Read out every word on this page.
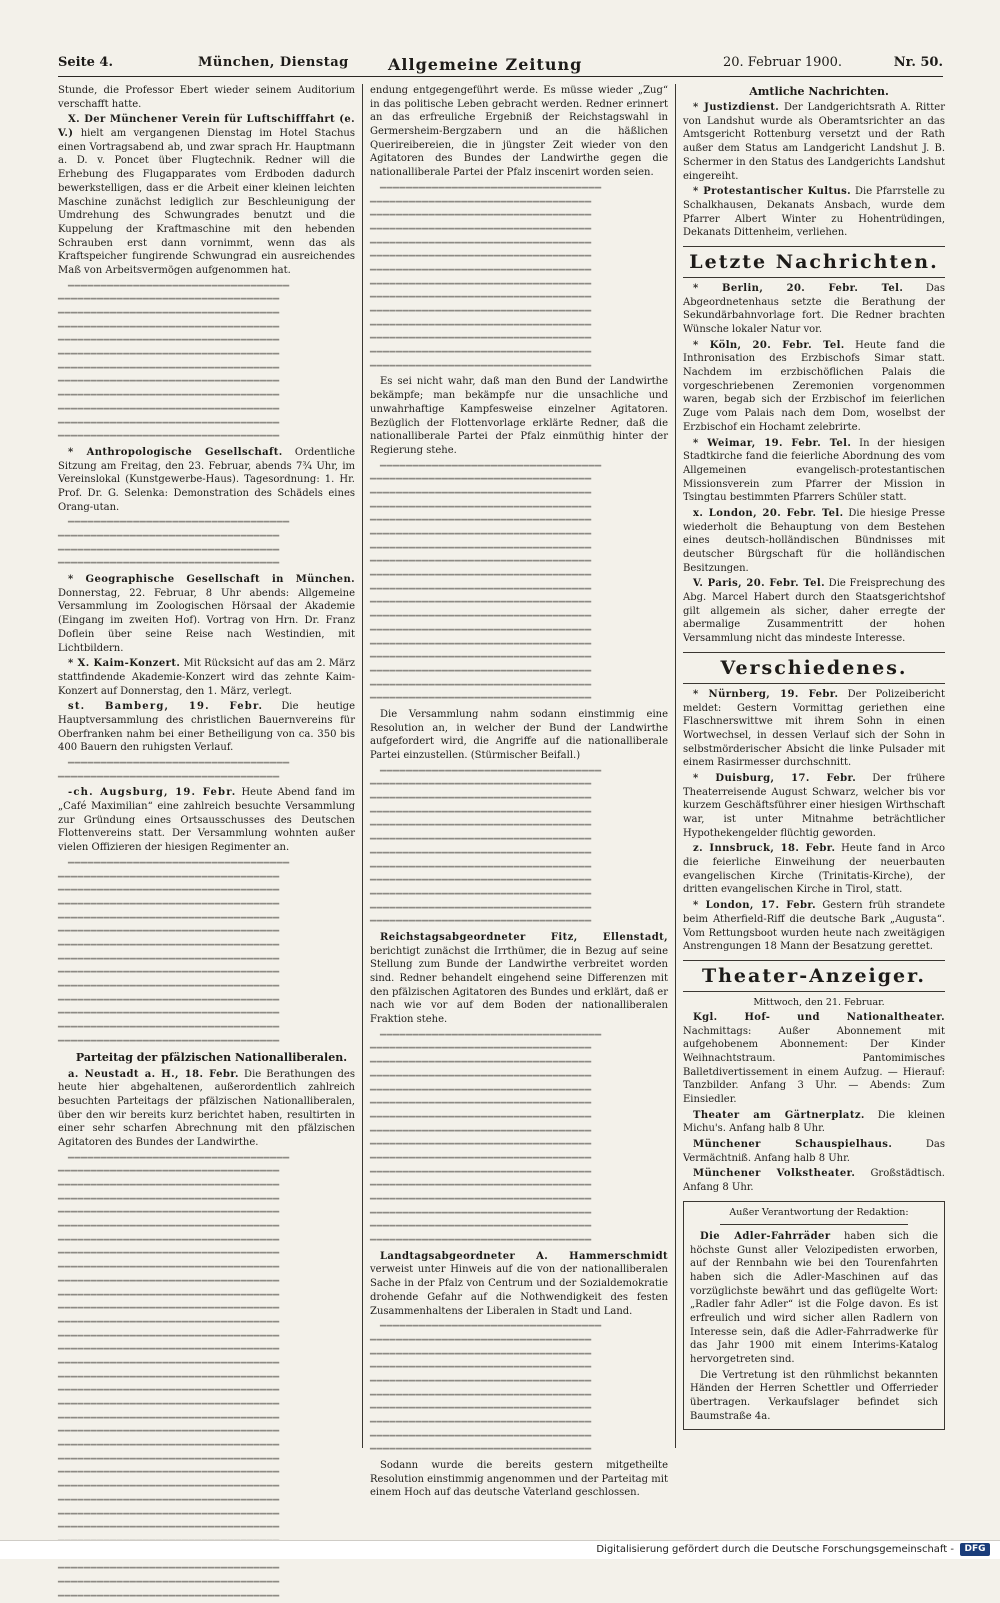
Seite 4.	München, Dienstag Allgemeine Zeitung	20. Februar 1900.	Nr. 50.

Stunde, die Professor Ebert wieder seinem Auditorium verschafft hatte.

X. Der Münchener Verein für Luftschifffahrt (e. V.) hielt am vergangenen Dienstag im Hotel Stachus einen Vortragsabend ab, und zwar sprach Hr. Hauptmann a. D. v. Poncet über Flugtechnik. Redner will die Erhebung des Flugapparates vom Erdboden dadurch bewerkstelligen, dass er die Arbeit einer kleinen leichten Maschine zunächst lediglich zur Beschleunigung der Umdrehung des Schwungrades benutzt und die Kuppelung der Kraftmaschine mit den hebenden Schrauben erst dann vornimmt, wenn das als Kraftspeicher fungirende Schwungrad ein ausreichendes Maß von Arbeitsvermögen aufgenommen hat.

━━━━━━━━━━━━━━━━━━━━━━━━━━━━━━━━━━ ━━━━━━━━━━━━━━━━━━━━━━━━━━━━━━━━━━ ━━━━━━━━━━━━━━━━━━━━━━━━━━━━━━━━━━ ━━━━━━━━━━━━━━━━━━━━━━━━━━━━━━━━━━ ━━━━━━━━━━━━━━━━━━━━━━━━━━━━━━━━━━ ━━━━━━━━━━━━━━━━━━━━━━━━━━━━━━━━━━ ━━━━━━━━━━━━━━━━━━━━━━━━━━━━━━━━━━ ━━━━━━━━━━━━━━━━━━━━━━━━━━━━━━━━━━ ━━━━━━━━━━━━━━━━━━━━━━━━━━━━━━━━━━ ━━━━━━━━━━━━━━━━━━━━━━━━━━━━━━━━━━ ━━━━━━━━━━━━━━━━━━━━━━━━━━━━━━━━━━ ━━━━━━━━━━━━━━━━━━━━━━━━━━━━━━━━━━

* Anthropologische Gesellschaft. Ordentliche Sitzung am Freitag, den 23. Februar, abends 7¾ Uhr, im Vereinslokal (Kunstgewerbe-Haus). Tagesordnung: 1. Hr. Prof. Dr. G. Selenka: Demonstration des Schädels eines Orang-utan.

━━━━━━━━━━━━━━━━━━━━━━━━━━━━━━━━━━ ━━━━━━━━━━━━━━━━━━━━━━━━━━━━━━━━━━ ━━━━━━━━━━━━━━━━━━━━━━━━━━━━━━━━━━ ━━━━━━━━━━━━━━━━━━━━━━━━━━━━━━━━━━

* Geographische Gesellschaft in München. Donnerstag, 22. Februar, 8 Uhr abends: Allgemeine Versammlung im Zoologischen Hörsaal der Akademie (Eingang im zweiten Hof). Vortrag von Hrn. Dr. Franz Doflein über seine Reise nach Westindien, mit Lichtbildern.

* X. Kaim-Konzert. Mit Rücksicht auf das am 2. März stattfindende Akademie-Konzert wird das zehnte Kaim-Konzert auf Donnerstag, den 1. März, verlegt.

st. Bamberg, 19. Febr. Die heutige Hauptversammlung des christlichen Bauernvereins für Oberfranken nahm bei einer Betheiligung von ca. 350 bis 400 Bauern den ruhigsten Verlauf.

━━━━━━━━━━━━━━━━━━━━━━━━━━━━━━━━━━ ━━━━━━━━━━━━━━━━━━━━━━━━━━━━━━━━━━

-ch. Augsburg, 19. Febr. Heute Abend fand im „Café Maximilian“ eine zahlreich besuchte Versammlung zur Gründung eines Ortsausschusses des Deutschen Flottenvereins statt. Der Versammlung wohnten außer vielen Offizieren der hiesigen Regimenter an.

━━━━━━━━━━━━━━━━━━━━━━━━━━━━━━━━━━ ━━━━━━━━━━━━━━━━━━━━━━━━━━━━━━━━━━ ━━━━━━━━━━━━━━━━━━━━━━━━━━━━━━━━━━ ━━━━━━━━━━━━━━━━━━━━━━━━━━━━━━━━━━ ━━━━━━━━━━━━━━━━━━━━━━━━━━━━━━━━━━ ━━━━━━━━━━━━━━━━━━━━━━━━━━━━━━━━━━ ━━━━━━━━━━━━━━━━━━━━━━━━━━━━━━━━━━ ━━━━━━━━━━━━━━━━━━━━━━━━━━━━━━━━━━ ━━━━━━━━━━━━━━━━━━━━━━━━━━━━━━━━━━ ━━━━━━━━━━━━━━━━━━━━━━━━━━━━━━━━━━ ━━━━━━━━━━━━━━━━━━━━━━━━━━━━━━━━━━ ━━━━━━━━━━━━━━━━━━━━━━━━━━━━━━━━━━ ━━━━━━━━━━━━━━━━━━━━━━━━━━━━━━━━━━ ━━━━━━━━━━━━━━━━━━━━━━━━━━━━━━━━━━

Parteitag der pfälzischen Nationalliberalen.

a. Neustadt a. H., 18. Febr. Die Berathungen des heute hier abgehaltenen, außerordentlich zahlreich besuchten Parteitags der pfälzischen Nationalliberalen, über den wir bereits kurz berichtet haben, resultirten in einer sehr scharfen Abrechnung mit den pfälzischen Agitatoren des Bundes der Landwirthe.

━━━━━━━━━━━━━━━━━━━━━━━━━━━━━━━━━━ ━━━━━━━━━━━━━━━━━━━━━━━━━━━━━━━━━━ ━━━━━━━━━━━━━━━━━━━━━━━━━━━━━━━━━━ ━━━━━━━━━━━━━━━━━━━━━━━━━━━━━━━━━━ ━━━━━━━━━━━━━━━━━━━━━━━━━━━━━━━━━━ ━━━━━━━━━━━━━━━━━━━━━━━━━━━━━━━━━━ ━━━━━━━━━━━━━━━━━━━━━━━━━━━━━━━━━━ ━━━━━━━━━━━━━━━━━━━━━━━━━━━━━━━━━━ ━━━━━━━━━━━━━━━━━━━━━━━━━━━━━━━━━━ ━━━━━━━━━━━━━━━━━━━━━━━━━━━━━━━━━━ ━━━━━━━━━━━━━━━━━━━━━━━━━━━━━━━━━━ ━━━━━━━━━━━━━━━━━━━━━━━━━━━━━━━━━━ ━━━━━━━━━━━━━━━━━━━━━━━━━━━━━━━━━━ ━━━━━━━━━━━━━━━━━━━━━━━━━━━━━━━━━━ ━━━━━━━━━━━━━━━━━━━━━━━━━━━━━━━━━━ ━━━━━━━━━━━━━━━━━━━━━━━━━━━━━━━━━━ ━━━━━━━━━━━━━━━━━━━━━━━━━━━━━━━━━━ ━━━━━━━━━━━━━━━━━━━━━━━━━━━━━━━━━━ ━━━━━━━━━━━━━━━━━━━━━━━━━━━━━━━━━━ ━━━━━━━━━━━━━━━━━━━━━━━━━━━━━━━━━━ ━━━━━━━━━━━━━━━━━━━━━━━━━━━━━━━━━━ ━━━━━━━━━━━━━━━━━━━━━━━━━━━━━━━━━━ ━━━━━━━━━━━━━━━━━━━━━━━━━━━━━━━━━━ ━━━━━━━━━━━━━━━━━━━━━━━━━━━━━━━━━━ ━━━━━━━━━━━━━━━━━━━━━━━━━━━━━━━━━━ ━━━━━━━━━━━━━━━━━━━━━━━━━━━━━━━━━━ ━━━━━━━━━━━━━━━━━━━━━━━━━━━━━━━━━━ ━━━━━━━━━━━━━━━━━━━━━━━━━━━━━━━━━━ ━━━━━━━━━━━━━━━━━━━━━━━━━━━━━━━━━━ ━━━━━━━━━━━━━━━━━━━━━━━━━━━━━━━━━━ ━━━━━━━━━━━━━━━━━━━━━━━━━━━━━━━━━━

endung entgegengeführt werde. Es müsse wieder „Zug“ in das politische Leben gebracht werden. Redner erinnert an das erfreuliche Ergebniß der Reichstagswahl in Germersheim-Bergzabern und an die häßlichen Querireibereien, die in jüngster Zeit wieder von den Agitatoren des Bundes der Landwirthe gegen die nationalliberale Partei der Pfalz inscenirt worden seien.

━━━━━━━━━━━━━━━━━━━━━━━━━━━━━━━━━━ ━━━━━━━━━━━━━━━━━━━━━━━━━━━━━━━━━━ ━━━━━━━━━━━━━━━━━━━━━━━━━━━━━━━━━━ ━━━━━━━━━━━━━━━━━━━━━━━━━━━━━━━━━━ ━━━━━━━━━━━━━━━━━━━━━━━━━━━━━━━━━━ ━━━━━━━━━━━━━━━━━━━━━━━━━━━━━━━━━━ ━━━━━━━━━━━━━━━━━━━━━━━━━━━━━━━━━━ ━━━━━━━━━━━━━━━━━━━━━━━━━━━━━━━━━━ ━━━━━━━━━━━━━━━━━━━━━━━━━━━━━━━━━━ ━━━━━━━━━━━━━━━━━━━━━━━━━━━━━━━━━━ ━━━━━━━━━━━━━━━━━━━━━━━━━━━━━━━━━━ ━━━━━━━━━━━━━━━━━━━━━━━━━━━━━━━━━━ ━━━━━━━━━━━━━━━━━━━━━━━━━━━━━━━━━━ ━━━━━━━━━━━━━━━━━━━━━━━━━━━━━━━━━━

Es sei nicht wahr, daß man den Bund der Landwirthe bekämpfe; man bekämpfe nur die unsachliche und unwahrhaftige Kampfesweise einzelner Agitatoren. Bezüglich der Flottenvorlage erklärte Redner, daß die nationalliberale Partei der Pfalz einmüthig hinter der Regierung stehe.

━━━━━━━━━━━━━━━━━━━━━━━━━━━━━━━━━━ ━━━━━━━━━━━━━━━━━━━━━━━━━━━━━━━━━━ ━━━━━━━━━━━━━━━━━━━━━━━━━━━━━━━━━━ ━━━━━━━━━━━━━━━━━━━━━━━━━━━━━━━━━━ ━━━━━━━━━━━━━━━━━━━━━━━━━━━━━━━━━━ ━━━━━━━━━━━━━━━━━━━━━━━━━━━━━━━━━━ ━━━━━━━━━━━━━━━━━━━━━━━━━━━━━━━━━━ ━━━━━━━━━━━━━━━━━━━━━━━━━━━━━━━━━━ ━━━━━━━━━━━━━━━━━━━━━━━━━━━━━━━━━━ ━━━━━━━━━━━━━━━━━━━━━━━━━━━━━━━━━━ ━━━━━━━━━━━━━━━━━━━━━━━━━━━━━━━━━━ ━━━━━━━━━━━━━━━━━━━━━━━━━━━━━━━━━━ ━━━━━━━━━━━━━━━━━━━━━━━━━━━━━━━━━━ ━━━━━━━━━━━━━━━━━━━━━━━━━━━━━━━━━━ ━━━━━━━━━━━━━━━━━━━━━━━━━━━━━━━━━━ ━━━━━━━━━━━━━━━━━━━━━━━━━━━━━━━━━━ ━━━━━━━━━━━━━━━━━━━━━━━━━━━━━━━━━━ ━━━━━━━━━━━━━━━━━━━━━━━━━━━━━━━━━━

Die Versammlung nahm sodann einstimmig eine Resolution an, in welcher der Bund der Landwirthe aufgefordert wird, die Angriffe auf die nationalliberale Partei einzustellen. (Stürmischer Beifall.)

━━━━━━━━━━━━━━━━━━━━━━━━━━━━━━━━━━ ━━━━━━━━━━━━━━━━━━━━━━━━━━━━━━━━━━ ━━━━━━━━━━━━━━━━━━━━━━━━━━━━━━━━━━ ━━━━━━━━━━━━━━━━━━━━━━━━━━━━━━━━━━ ━━━━━━━━━━━━━━━━━━━━━━━━━━━━━━━━━━ ━━━━━━━━━━━━━━━━━━━━━━━━━━━━━━━━━━ ━━━━━━━━━━━━━━━━━━━━━━━━━━━━━━━━━━ ━━━━━━━━━━━━━━━━━━━━━━━━━━━━━━━━━━ ━━━━━━━━━━━━━━━━━━━━━━━━━━━━━━━━━━ ━━━━━━━━━━━━━━━━━━━━━━━━━━━━━━━━━━ ━━━━━━━━━━━━━━━━━━━━━━━━━━━━━━━━━━ ━━━━━━━━━━━━━━━━━━━━━━━━━━━━━━━━━━

Reichstagsabgeordneter Fitz, Ellenstadt, berichtigt zunächst die Irrthümer, die in Bezug auf seine Stellung zum Bunde der Landwirthe verbreitet worden sind. Redner behandelt eingehend seine Differenzen mit den pfälzischen Agitatoren des Bundes und erklärt, daß er nach wie vor auf dem Boden der nationalliberalen Fraktion stehe.

━━━━━━━━━━━━━━━━━━━━━━━━━━━━━━━━━━ ━━━━━━━━━━━━━━━━━━━━━━━━━━━━━━━━━━ ━━━━━━━━━━━━━━━━━━━━━━━━━━━━━━━━━━ ━━━━━━━━━━━━━━━━━━━━━━━━━━━━━━━━━━ ━━━━━━━━━━━━━━━━━━━━━━━━━━━━━━━━━━ ━━━━━━━━━━━━━━━━━━━━━━━━━━━━━━━━━━ ━━━━━━━━━━━━━━━━━━━━━━━━━━━━━━━━━━ ━━━━━━━━━━━━━━━━━━━━━━━━━━━━━━━━━━ ━━━━━━━━━━━━━━━━━━━━━━━━━━━━━━━━━━ ━━━━━━━━━━━━━━━━━━━━━━━━━━━━━━━━━━ ━━━━━━━━━━━━━━━━━━━━━━━━━━━━━━━━━━ ━━━━━━━━━━━━━━━━━━━━━━━━━━━━━━━━━━ ━━━━━━━━━━━━━━━━━━━━━━━━━━━━━━━━━━ ━━━━━━━━━━━━━━━━━━━━━━━━━━━━━━━━━━ ━━━━━━━━━━━━━━━━━━━━━━━━━━━━━━━━━━ ━━━━━━━━━━━━━━━━━━━━━━━━━━━━━━━━━━

Landtagsabgeordneter A. Hammerschmidt verweist unter Hinweis auf die von der nationalliberalen Sache in der Pfalz von Centrum und der Sozialdemokratie drohende Gefahr auf die Nothwendigkeit des festen Zusammenhaltens der Liberalen in Stadt und Land.

━━━━━━━━━━━━━━━━━━━━━━━━━━━━━━━━━━ ━━━━━━━━━━━━━━━━━━━━━━━━━━━━━━━━━━ ━━━━━━━━━━━━━━━━━━━━━━━━━━━━━━━━━━ ━━━━━━━━━━━━━━━━━━━━━━━━━━━━━━━━━━ ━━━━━━━━━━━━━━━━━━━━━━━━━━━━━━━━━━ ━━━━━━━━━━━━━━━━━━━━━━━━━━━━━━━━━━ ━━━━━━━━━━━━━━━━━━━━━━━━━━━━━━━━━━ ━━━━━━━━━━━━━━━━━━━━━━━━━━━━━━━━━━ ━━━━━━━━━━━━━━━━━━━━━━━━━━━━━━━━━━ ━━━━━━━━━━━━━━━━━━━━━━━━━━━━━━━━━━

Sodann wurde die bereits gestern mitgetheilte Resolution einstimmig angenommen und der Parteitag mit einem Hoch auf das deutsche Vaterland geschlossen.

Amtliche Nachrichten.

* Justizdienst. Der Landgerichtsrath A. Ritter von Landshut wurde als Oberamtsrichter an das Amtsgericht Rottenburg versetzt und der Rath außer dem Status am Landgericht Landshut J. B. Schermer in den Status des Landgerichts Landshut eingereiht.

* Protestantischer Kultus. Die Pfarrstelle zu Schalkhausen, Dekanats Ansbach, wurde dem Pfarrer Albert Winter zu Hohentrüdingen, Dekanats Dittenheim, verliehen.

Letzte Nachrichten.

* Berlin, 20. Febr. Tel. Das Abgeordnetenhaus setzte die Berathung der Sekundärbahnvorlage fort. Die Redner brachten Wünsche lokaler Natur vor.

* Köln, 20. Febr. Tel. Heute fand die Inthronisation des Erzbischofs Simar statt. Nachdem im erzbischöflichen Palais die vorgeschriebenen Zeremonien vorgenommen waren, begab sich der Erzbischof im feierlichen Zuge vom Palais nach dem Dom, woselbst der Erzbischof ein Hochamt zelebrirte.

* Weimar, 19. Febr. Tel. In der hiesigen Stadtkirche fand die feierliche Abordnung des vom Allgemeinen evangelisch-protestantischen Missionsverein zum Pfarrer der Mission in Tsingtau bestimmten Pfarrers Schüler statt.

x. London, 20. Febr. Tel. Die hiesige Presse wiederholt die Behauptung von dem Bestehen eines deutsch-holländischen Bündnisses mit deutscher Bürgschaft für die holländischen Besitzungen.

V. Paris, 20. Febr. Tel. Die Freisprechung des Abg. Marcel Habert durch den Staatsgerichtshof gilt allgemein als sicher, daher erregte der abermalige Zusammentritt der hohen Versammlung nicht das mindeste Interesse.

Verschiedenes.

* Nürnberg, 19. Febr. Der Polizeibericht meldet: Gestern Vormittag geriethen eine Flaschnerswittwe mit ihrem Sohn in einen Wortwechsel, in dessen Verlauf sich der Sohn in selbstmörderischer Absicht die linke Pulsader mit einem Rasirmesser durchschnitt.

* Duisburg, 17. Febr. Der frühere Theaterreisende August Schwarz, welcher bis vor kurzem Geschäftsführer einer hiesigen Wirthschaft war, ist unter Mitnahme beträchtlicher Hypothekengelder flüchtig geworden.

z. Innsbruck, 18. Febr. Heute fand in Arco die feierliche Einweihung der neuerbauten evangelischen Kirche (Trinitatis-Kirche), der dritten evangelischen Kirche in Tirol, statt.

* London, 17. Febr. Gestern früh strandete beim Atherfield-Riff die deutsche Bark „Augusta“. Vom Rettungsboot wurden heute nach zweitägigen Anstrengungen 18 Mann der Besatzung gerettet.

Theater-Anzeiger.

Mittwoch, den 21. Februar.

Kgl. Hof- und Nationaltheater. Nachmittags: Außer Abonnement mit aufgehobenem Abonnement: Der Kinder Weihnachtstraum. Pantomimisches Balletdivertissement in einem Aufzug. — Hierauf: Tanzbilder. Anfang 3 Uhr. — Abends: Zum Einsiedler.

Theater am Gärtnerplatz. Die kleinen Michu's. Anfang halb 8 Uhr.

Münchener Schauspielhaus.	Das Vermächtniß. Anfang halb 8 Uhr.

Münchener Volkstheater. Großstädtisch. Anfang 8 Uhr.

Außer Verantwortung der Redaktion:

Die Adler-Fahrräder haben sich die höchste Gunst aller Velozipedisten erworben, auf der Rennbahn wie bei den Tourenfahrten haben sich die Adler-Maschinen auf das vorzüglichste bewährt und das geflügelte Wort: „Radler fahr Adler“ ist die Folge davon. Es ist erfreulich und wird sicher allen Radlern von Interesse sein, daß die Adler-Fahrradwerke für das Jahr 1900 mit einem Interims-Katalog hervorgetreten sind.

Die Vertretung ist den rühmlichst bekannten Händen der Herren Schettler und Offerrieder übertragen. Verkaufslager befindet sich Baumstraße 4a.

Digitalisierung gefördert durch die Deutsche Forschungsgemeinschaft -	DFG
